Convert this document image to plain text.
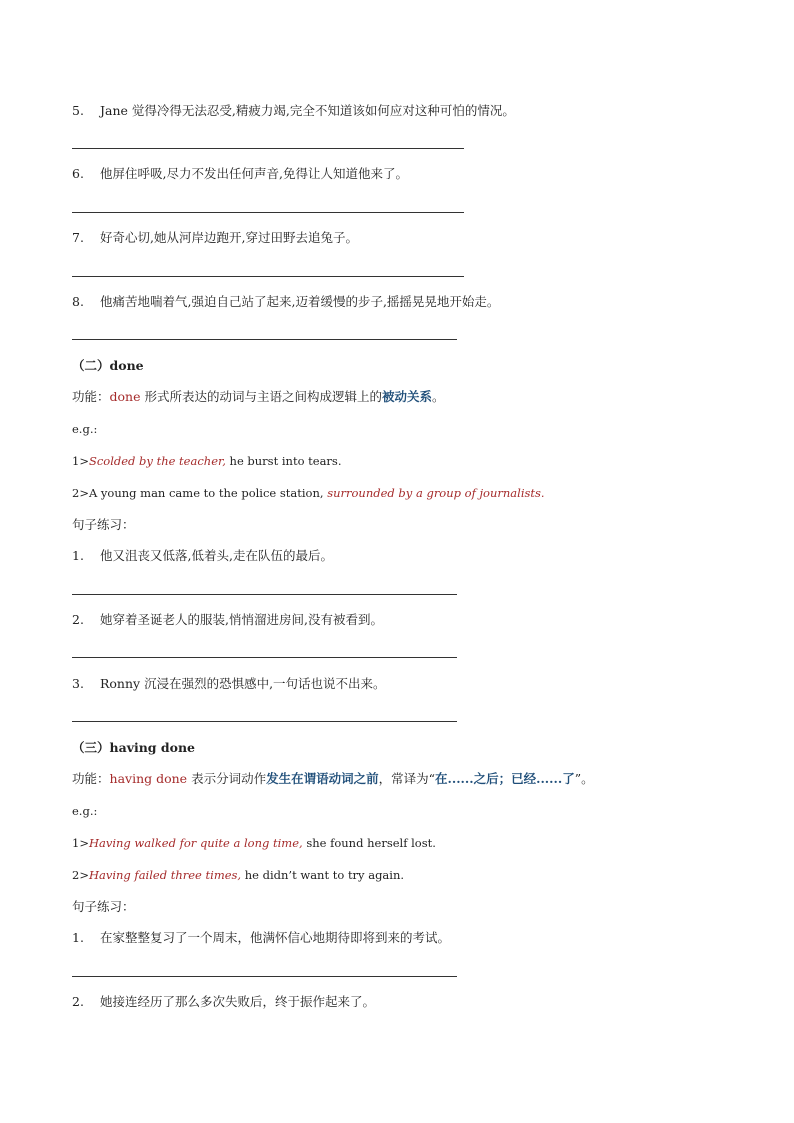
5. Jane 觉得冷得无法忍受,精疲力竭,完全不知道该如何应对这种可怕的情况。
6. 他屏住呼吸,尽力不发出任何声音,免得让人知道他来了。
7. 好奇心切,她从河岸边跑开,穿过田野去追兔子。
8. 他痛苦地喘着气,强迫自己站了起来,迈着缓慢的步子,摇摇晃晃地开始走。
（二）done
功能：done 形式所表达的动词与主语之间构成逻辑上的被动关系。
e.g.:
1>Scolded by the teacher, he burst into tears.
2>A young man came to the police station, surrounded by a group of journalists.
句子练习：
1. 他又沮丧又低落,低着头,走在队伍的最后。
2. 她穿着圣诞老人的服装,悄悄溜进房间,没有被看到。
3. Ronny 沉浸在强烈的恐惧感中,一句话也说不出来。
（三）having done
功能：having done 表示分词动作发生在谓语动词之前，常译为“在......之后；已经......了”。
e.g.:
1>Having walked for quite a long time, she found herself lost.
2>Having failed three times, he didn’t want to try again.
句子练习：
1. 在家整整复习了一个周末，他满怀信心地期待即将到来的考试。
2. 她接连经历了那么多次失败后，终于振作起来了。
